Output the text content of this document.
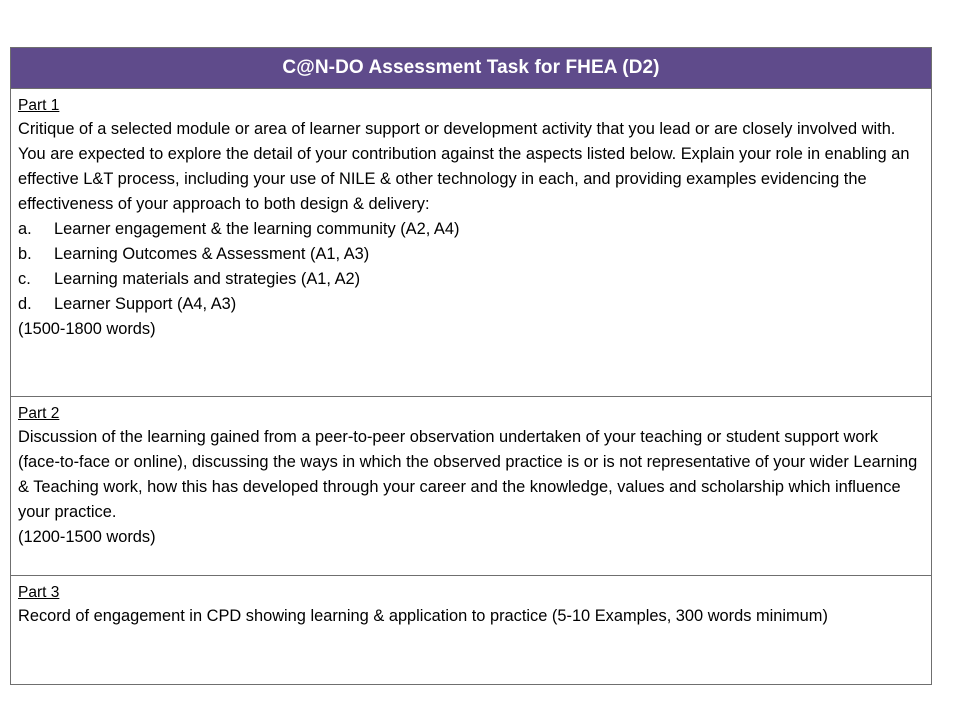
C@N-DO Assessment Task for FHEA (D2)

Part 1
Critique of a selected module or area of learner support or development activity that you lead or are closely involved with. You are expected to explore the detail of your contribution against the aspects listed below. Explain your role in enabling an effective L&T process, including your use of NILE & other technology in each, and providing examples evidencing the effectiveness of your approach to both design & delivery:
a.	Learner engagement & the learning community (A2, A4)
b.	Learning Outcomes & Assessment (A1, A3)
c.	Learning materials and strategies (A1, A2)
d.	Learner Support (A4, A3)
(1500-1800 words)

Part 2
Discussion of the learning gained from a peer-to-peer observation undertaken of your teaching or student support work (face-to-face or online), discussing the ways in which the observed practice is or is not representative of your wider Learning & Teaching work, how this has developed through your career and the knowledge, values and scholarship which influence your practice.
(1200-1500 words)

Part 3
Record of engagement in CPD showing learning & application to practice (5-10 Examples, 300 words minimum)
